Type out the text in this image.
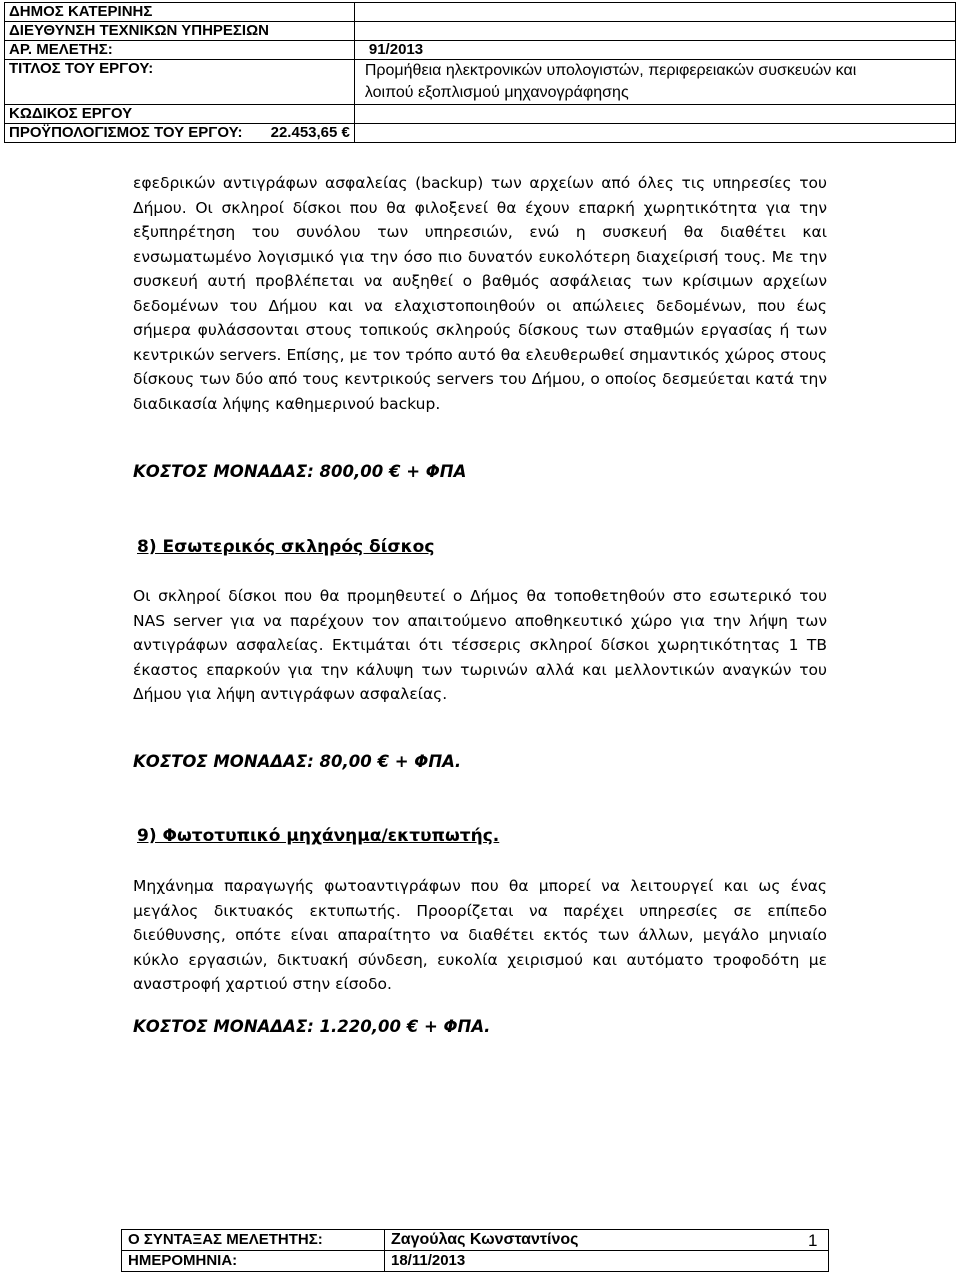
ΔΗΜΟΣ ΚΑΤΕΡΙΝΗΣ	
ΔΙΕΥΘΥΝΣΗ ΤΕΧΝΙΚΩΝ ΥΠΗΡΕΣΙΩΝ	
ΑΡ. ΜΕΛΕΤΗΣ:	91/2013
ΤΙΤΛΟΣ ΤΟΥ ΕΡΓΟΥ:	Προμήθεια ηλεκτρονικών υπολογιστών, περιφερειακών συσκευών και
λοιπού εξοπλισμού μηχανογράφησης

ΚΩΔΙΚΟΣ ΕΡΓΟΥ	
ΠΡΟΫΠΟΛΟΓΙΣΜΟΣ ΤΟΥ ΕΡΓΟΥ: 22.453,65 €	

εφεδρικών αντιγράφων ασφαλείας (backup) των αρχείων από όλες τις υπηρεσίες του Δήμου. Οι σκληροί δίσκοι που θα φιλοξενεί θα έχουν επαρκή χωρητικότητα για την εξυπηρέτηση του συνόλου των υπηρεσιών, ενώ η συσκευή θα διαθέτει και ενσωματωμένο λογισμικό για την όσο πιο δυνατόν ευκολότερη διαχείρισή τους. Με την συσκευή αυτή προβλέπεται να αυξηθεί ο βαθμός ασφάλειας των κρίσιμων αρχείων δεδομένων του Δήμου και να ελαχιστοποιηθούν οι απώλειες δεδομένων, που έως σήμερα φυλάσσονται στους τοπικούς σκληρούς δίσκους των σταθμών εργασίας ή των κεντρικών servers. Επίσης, με τον τρόπο αυτό θα ελευθερωθεί σημαντικός χώρος στους δίσκους των δύο από τους κεντρικούς servers του Δήμου, ο οποίος δεσμεύεται κατά την διαδικασία λήψης καθημερινού backup.

ΚΟΣΤΟΣ ΜΟΝΑΔΑΣ: 800,00 € + ΦΠΑ
8) Εσωτερικός σκληρός δίσκος

Οι σκληροί δίσκοι που θα προμηθευτεί ο Δήμος θα τοποθετηθούν στο εσωτερικό του NAS server για να παρέχουν τον απαιτούμενο αποθηκευτικό χώρο για την λήψη των αντιγράφων ασφαλείας. Εκτιμάται ότι τέσσερις σκληροί δίσκοι χωρητικότητας 1 TB έκαστος επαρκούν για την κάλυψη των τωρινών αλλά και μελλοντικών αναγκών του Δήμου για λήψη αντιγράφων ασφαλείας.

ΚΟΣΤΟΣ ΜΟΝΑΔΑΣ: 80,00 € + ΦΠΑ.
9) Φωτοτυπικό μηχάνημα/εκτυπωτής.

Μηχάνημα παραγωγής φωτοαντιγράφων που θα μπορεί να λειτουργεί και ως ένας μεγάλος δικτυακός εκτυπωτής. Προορίζεται να παρέχει υπηρεσίες σε επίπεδο διεύθυνσης, οπότε είναι απαραίτητο να διαθέτει εκτός των άλλων, μεγάλο μηνιαίο κύκλο εργασιών, δικτυακή σύνδεση, ευκολία χειρισμού και αυτόματο τροφοδότη με αναστροφή χαρτιού στην είσοδο.

ΚΟΣΤΟΣ ΜΟΝΑΔΑΣ: 1.220,00 € + ΦΠΑ.
Ο ΣΥΝΤΑΞΑΣ ΜΕΛΕΤΗΤΗΣ:	Ζαγούλας Κωνσταντίνος
ΗΜΕΡΟΜΗΝΙΑ:	18/11/2013
1
